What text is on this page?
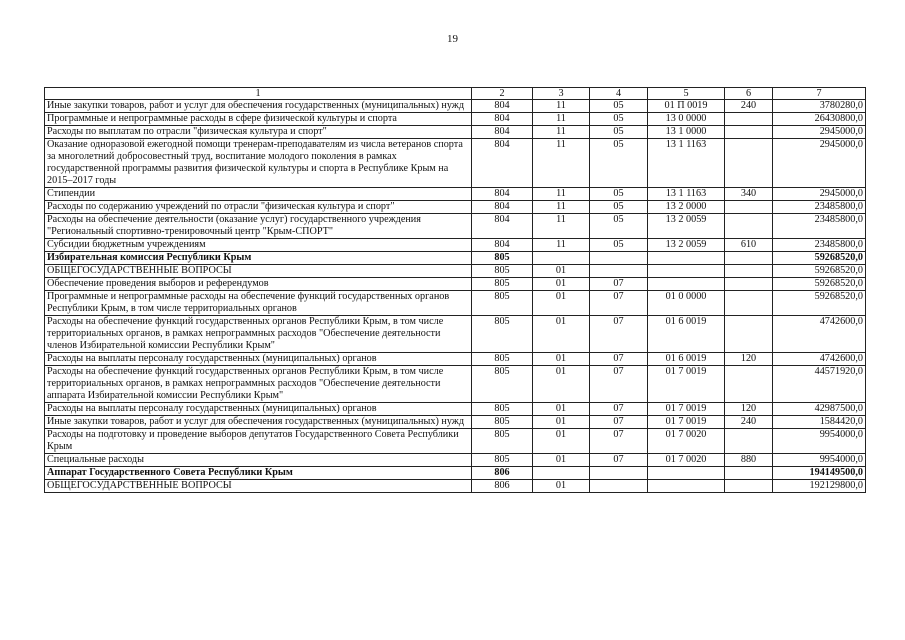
19
1	2	3	4	5	6	7
Иные закупки товаров, работ и услуг для обеспечения государственных (муниципальных) нужд	804	11	05	01 П 0019	240	3780280,0
Программные и непрограммные расходы в сфере физической культуры и спорта	804	11	05	13 0 0000		26430800,0
Расходы по выплатам по отрасли "физическая культура и спорт"	804	11	05	13 1 0000		2945000,0
Оказание одноразовой ежегодной помощи тренерам-преподавателям из числа ветеранов спорта за многолетний добросовестный труд, воспитание молодого поколения в рамках государственной программы развития физической культуры и спорта в Республике Крым на 2015–2017 годы	804	11	05	13 1 1163		2945000,0
Стипендии	804	11	05	13 1 1163	340	2945000,0
Расходы по содержанию учреждений по отрасли "физическая культура и спорт"	804	11	05	13 2 0000		23485800,0
Расходы на обеспечение деятельности (оказание услуг) государственного учреждения "Региональный спортивно-тренировочный центр "Крым-СПОРТ"	804	11	05	13 2 0059		23485800,0
Субсидии бюджетным учреждениям	804	11	05	13 2 0059	610	23485800,0
Избирательная комиссия Республики Крым	805					59268520,0
ОБЩЕГОСУДАРСТВЕННЫЕ ВОПРОСЫ	805	01				59268520,0
Обеспечение проведения выборов и референдумов	805	01	07			59268520,0
Программные и непрограммные расходы на обеспечение функций государственных органов Республики Крым, в том числе территориальных органов	805	01	07	01 0 0000		59268520,0
Расходы на обеспечение функций государственных органов Республики Крым, в том числе территориальных органов, в рамках непрограммных расходов "Обеспечение деятельности членов Избирательной комиссии Республики Крым"	805	01	07	01 6 0019		4742600,0
Расходы на выплаты персоналу государственных (муниципальных) органов	805	01	07	01 6 0019	120	4742600,0
Расходы на обеспечение функций государственных органов Республики Крым, в том числе территориальных органов, в рамках непрограммных расходов "Обеспечение деятельности аппарата Избирательной комиссии Республики Крым"	805	01	07	01 7 0019		44571920,0
Расходы на выплаты персоналу государственных (муниципальных) органов	805	01	07	01 7 0019	120	42987500,0
Иные закупки товаров, работ и услуг для обеспечения государственных (муниципальных) нужд	805	01	07	01 7 0019	240	1584420,0
Расходы на подготовку и проведение выборов депутатов Государственного Совета Республики Крым	805	01	07	01 7 0020		9954000,0
Специальные расходы	805	01	07	01 7 0020	880	9954000,0
Аппарат Государственного Совета Республики Крым	806					194149500,0
ОБЩЕГОСУДАРСТВЕННЫЕ ВОПРОСЫ	806	01				192129800,0
